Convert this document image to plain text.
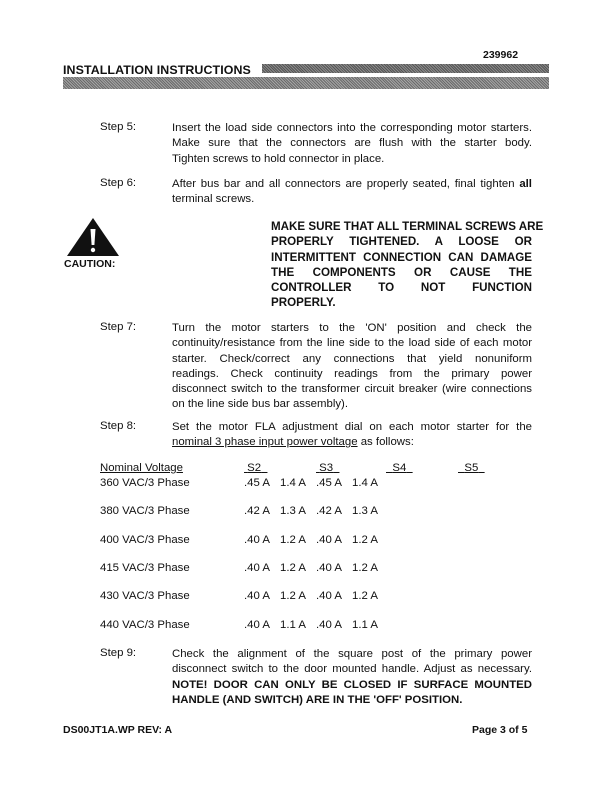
239962
INSTALLATION INSTRUCTIONS
Step 5:	Insert the load side connectors into the corresponding motor starters.
Make sure that the connectors are flush with the starter body.
Tighten screws to hold connector in place.
Step 6:	After bus bar and all connectors are properly seated, final tighten all
terminal screws.
CAUTION:
MAKE SURE THAT ALL TERMINAL SCREWS ARE
PROPERLY TIGHTENED. A LOOSE OR
INTERMITTENT CONNECTION CAN DAMAGE
THE COMPONENTS OR CAUSE THE
CONTROLLER TO NOT FUNCTION
PROPERLY.
Step 7:	Turn the motor starters to the 'ON' position and check the
continuity/resistance from the line side to the load side of each motor
starter. Check/correct any connections that yield nonuniform
readings. Check continuity readings from the primary power
disconnect switch to the transformer circuit breaker (wire connections
on the line side bus bar assembly).
Step 8:	Set the motor FLA adjustment dial on each motor starter for the
nominal 3 phase input power voltage as follows:
Nominal Voltage	S2	S3	S4	S5
360 VAC/3 Phase	.45 A 1.4 A .45 A 1.4 A
380 VAC/3 Phase	.42 A 1.3 A .42 A 1.3 A
400 VAC/3 Phase	.40 A 1.2 A .40 A 1.2 A
415 VAC/3 Phase	.40 A 1.2 A .40 A 1.2 A
430 VAC/3 Phase	.40 A 1.2 A .40 A 1.2 A
440 VAC/3 Phase	.40 A 1.1 A .40 A 1.1 A
Step 9:	Check the alignment of the square post of the primary power
disconnect switch to the door mounted handle. Adjust as necessary.
NOTE! DOOR CAN ONLY BE CLOSED IF SURFACE MOUNTED
HANDLE (AND SWITCH) ARE IN THE 'OFF' POSITION.
DS00JT1A.WP REV: A	Page 3 of 5
